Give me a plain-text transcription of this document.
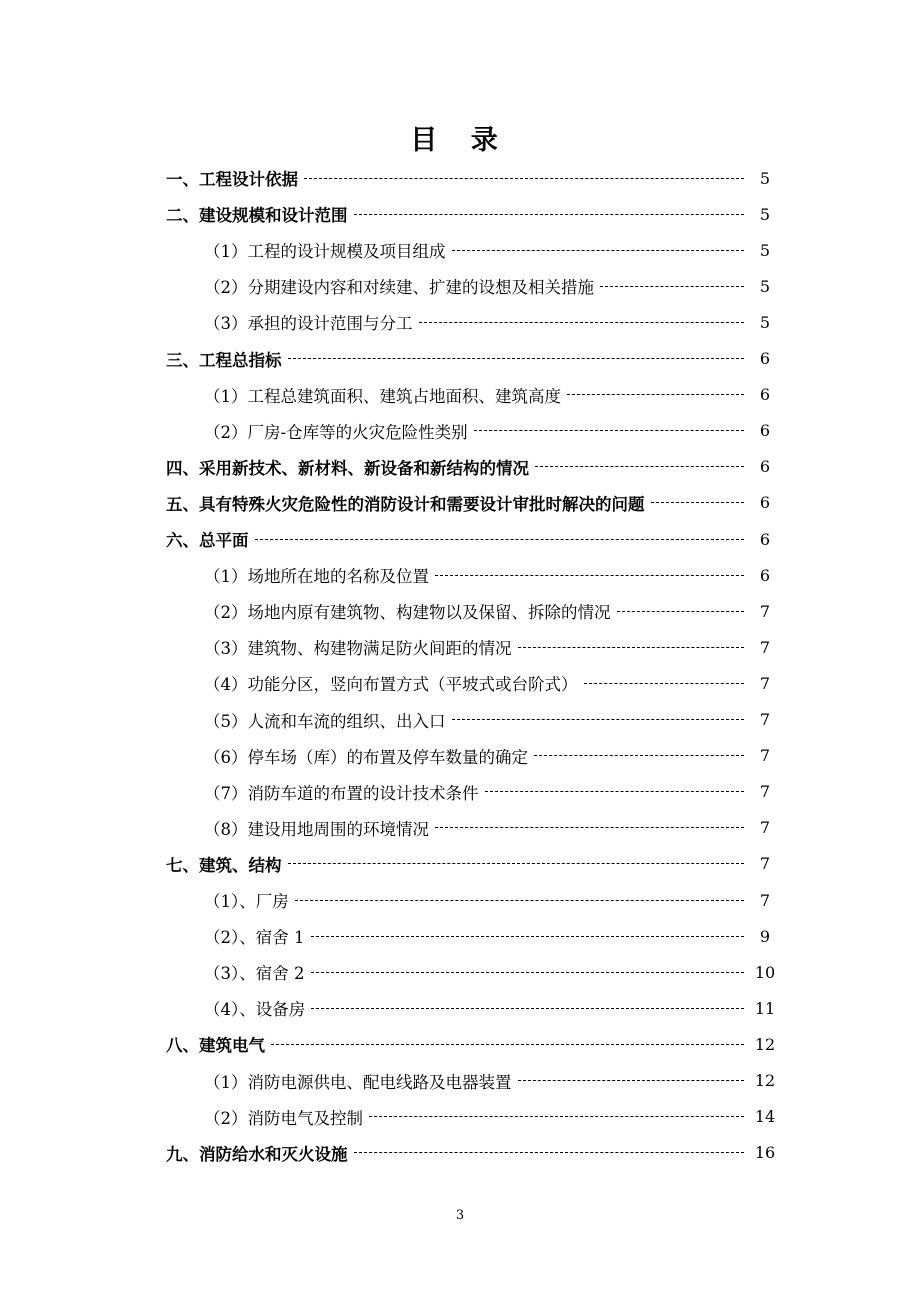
目 录
一、工程设计依据	5
二、建设规模和设计范围	5
（1）工程的设计规模及项目组成	5
（2）分期建设内容和对续建、扩建的设想及相关措施	5
（3）承担的设计范围与分工	5
三、工程总指标	6
（1）工程总建筑面积、建筑占地面积、建筑高度	6
（2）厂房-仓库等的火灾危险性类别	6
四、采用新技术、新材料、新设备和新结构的情况	6
五、具有特殊火灾危险性的消防设计和需要设计审批时解决的问题	6
六、总平面	6
（1）场地所在地的名称及位置	6
（2）场地内原有建筑物、构建物以及保留、拆除的情况	7
（3）建筑物、构建物满足防火间距的情况	7
（4）功能分区，竖向布置方式（平坡式或台阶式）	7
（5）人流和车流的组织、出入口	7
（6）停车场（库）的布置及停车数量的确定	7
（7）消防车道的布置的设计技术条件	7
（8）建设用地周围的环境情况	7
七、建筑、结构	7
（1）、厂房	7
（2）、宿舍 1	9
（3）、宿舍 2	10
（4）、设备房	11
八、建筑电气	12
（1）消防电源供电、配电线路及电器装置	12
（2）消防电气及控制	14
九、消防给水和灭火设施	16
3
